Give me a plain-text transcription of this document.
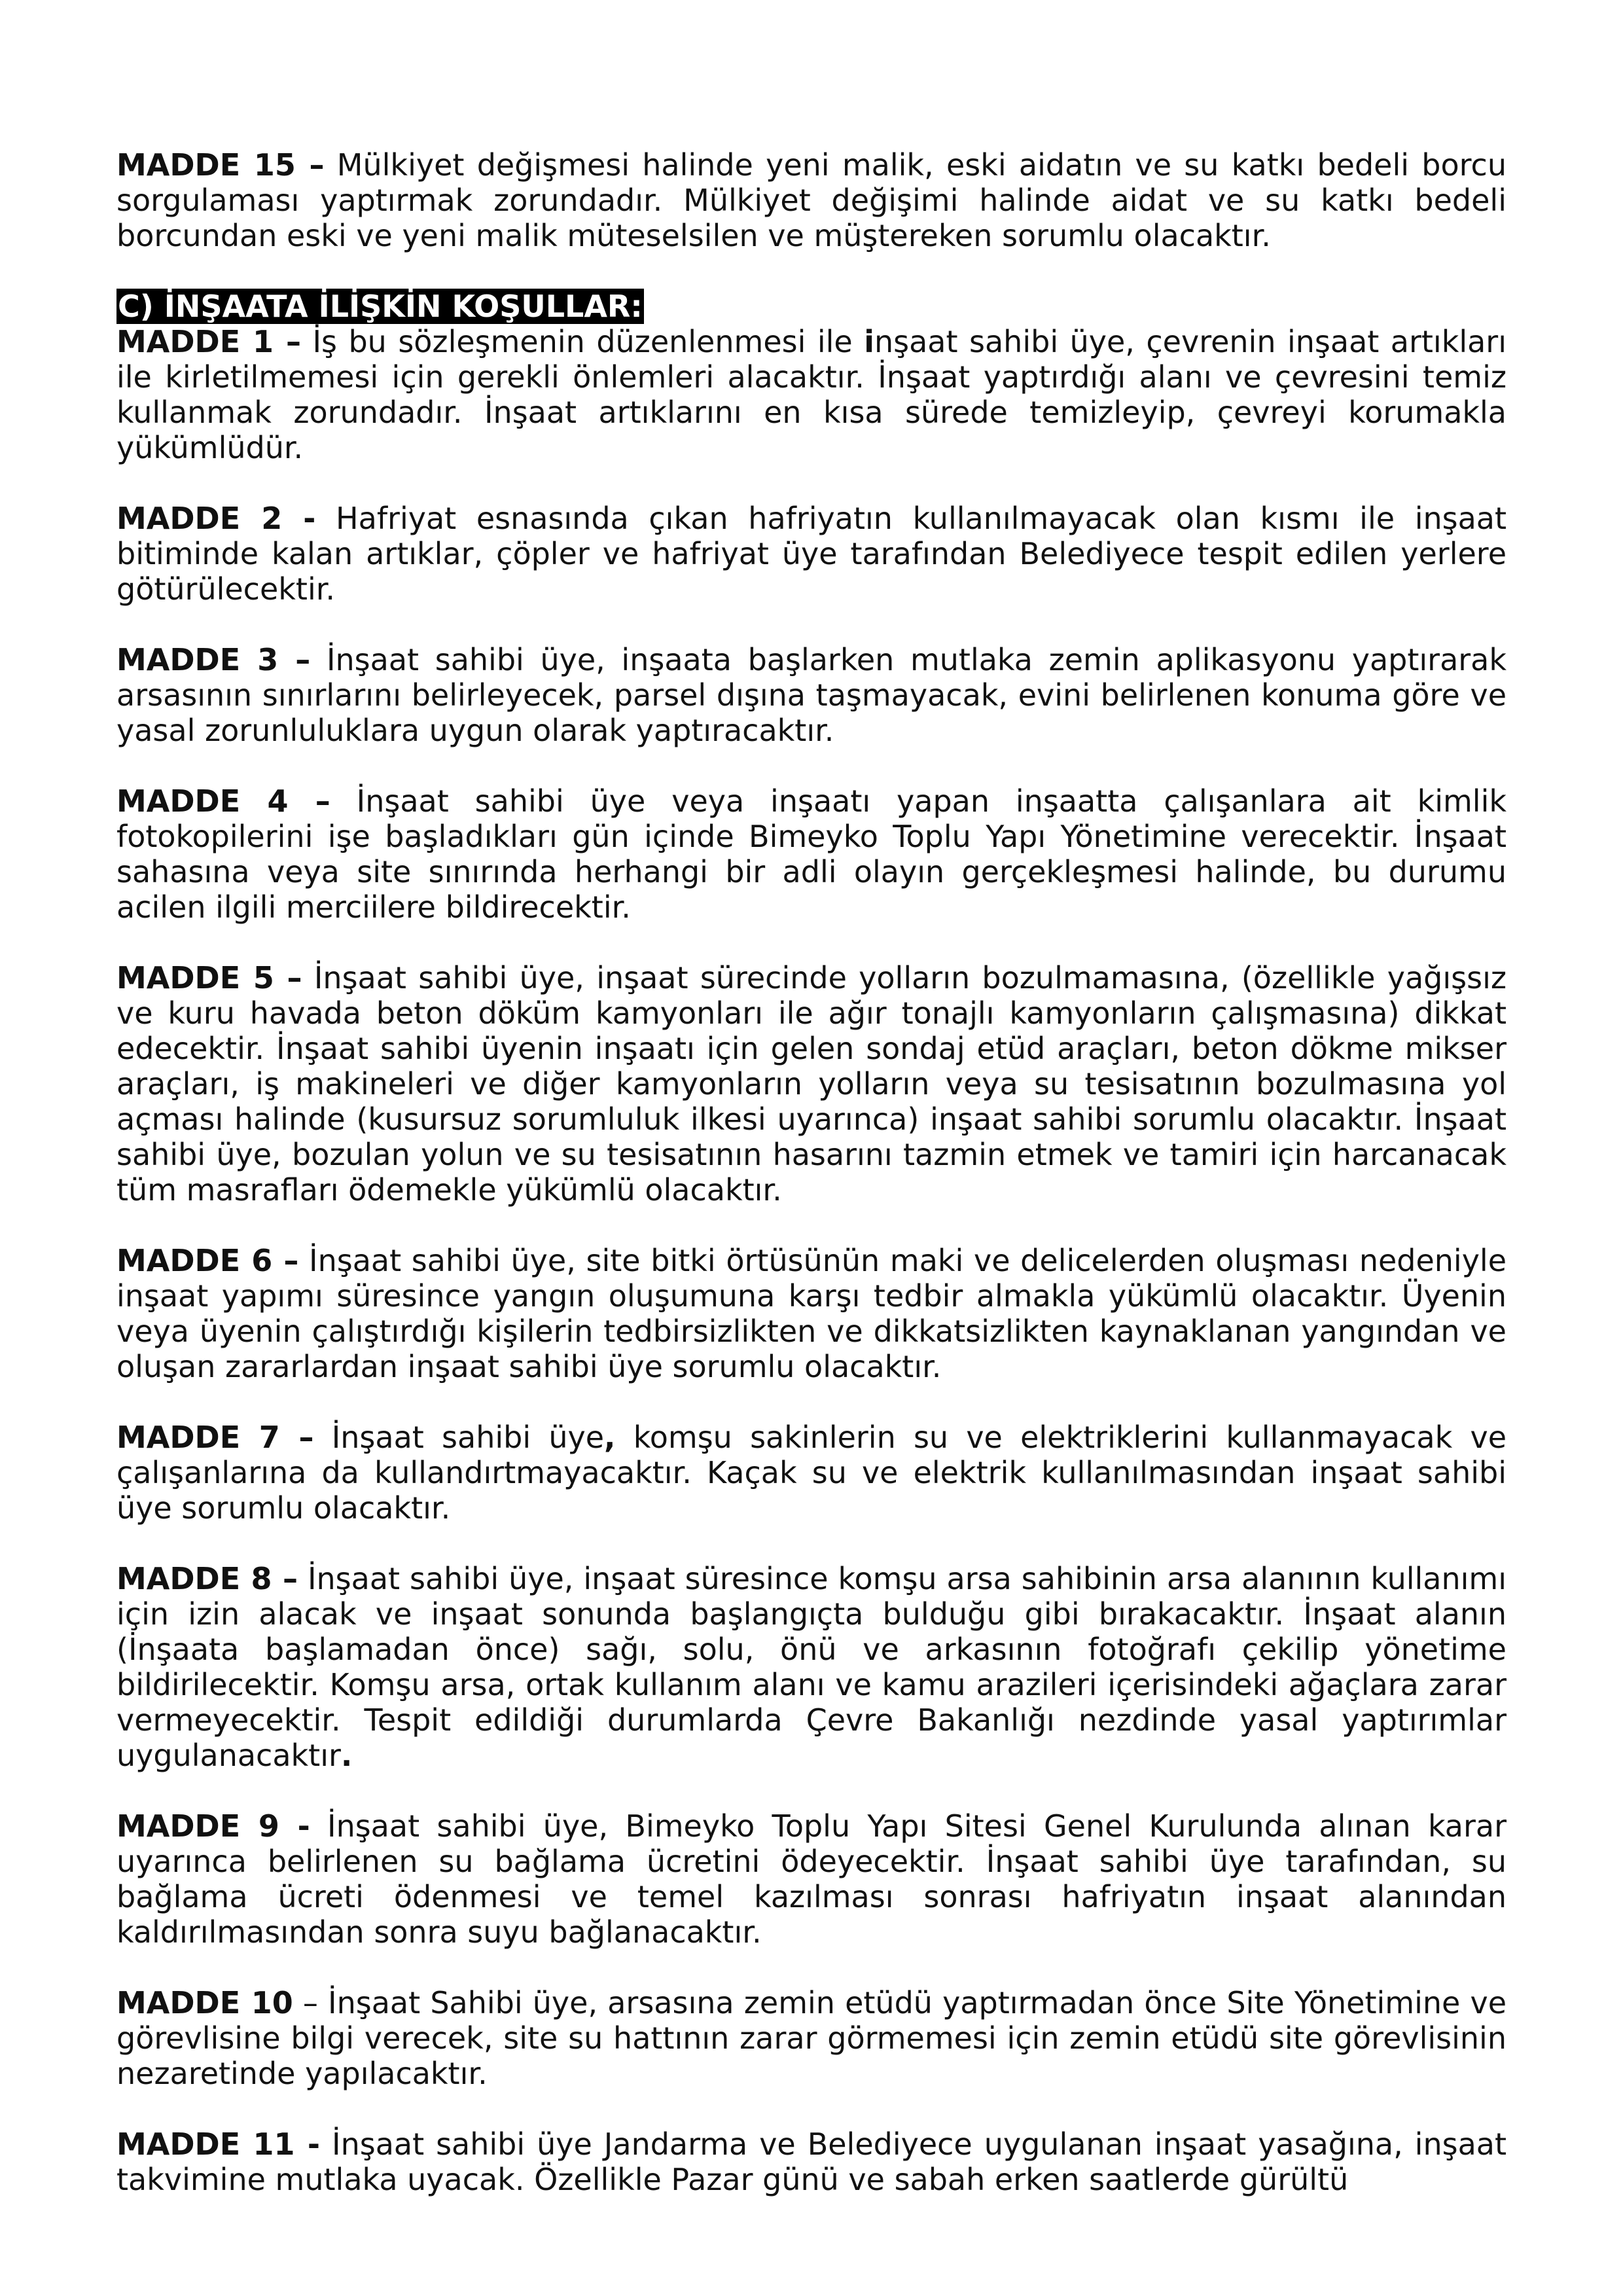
MADDE 15 – Mülkiyet değişmesi halinde yeni malik, eski aidatın ve su katkı bedeli borcu sorgulaması yaptırmak zorundadır. Mülkiyet değişimi halinde aidat ve su katkı bedeli borcundan eski ve yeni malik müteselsilen ve müştereken sorumlu olacaktır.

C) İNŞAATA İLİŞKİN KOŞULLAR:

MADDE 1 – İş bu sözleşmenin düzenlenmesi ile inşaat sahibi üye, çevrenin inşaat artıkları ile kirletilmemesi için gerekli önlemleri alacaktır. İnşaat yaptırdığı alanı ve çevresini temiz kullanmak zorundadır. İnşaat artıklarını en kısa sürede temizleyip, çevreyi korumakla yükümlüdür.

MADDE 2 - Hafriyat esnasında çıkan hafriyatın kullanılmayacak olan kısmı ile inşaat bitiminde kalan artıklar, çöpler ve hafriyat üye tarafından Belediyece tespit edilen yerlere götürülecektir.

MADDE 3 – İnşaat sahibi üye, inşaata başlarken mutlaka zemin aplikasyonu yaptırarak arsasının sınırlarını belirleyecek, parsel dışına taşmayacak, evini belirlenen konuma göre ve yasal zorunluluklara uygun olarak yaptıracaktır.

MADDE 4 – İnşaat sahibi üye veya inşaatı yapan inşaatta çalışanlara ait kimlik fotokopilerini işe başladıkları gün içinde Bimeyko Toplu Yapı Yönetimine verecektir. İnşaat sahasına veya site sınırında herhangi bir adli olayın gerçekleşmesi halinde, bu durumu acilen ilgili merciilere bildirecektir.

MADDE 5 – İnşaat sahibi üye, inşaat sürecinde yolların bozulmamasına, (özellikle yağışsız ve kuru havada beton döküm kamyonları ile ağır tonajlı kamyonların çalışmasına) dikkat edecektir. İnşaat sahibi üyenin inşaatı için gelen sondaj etüd araçları, beton dökme mikser araçları, iş makineleri ve diğer kamyonların yolların veya su tesisatının bozulmasına yol açması halinde (kusursuz sorumluluk ilkesi uyarınca) inşaat sahibi sorumlu olacaktır. İnşaat sahibi üye, bozulan yolun ve su tesisatının hasarını tazmin etmek ve tamiri için harcanacak tüm masrafları ödemekle yükümlü olacaktır.

MADDE 6 – İnşaat sahibi üye, site bitki örtüsünün maki ve delicelerden oluşması nedeniyle inşaat yapımı süresince yangın oluşumuna karşı tedbir almakla yükümlü olacaktır. Üyenin veya üyenin çalıştırdığı kişilerin tedbirsizlikten ve dikkatsizlikten kaynaklanan yangından ve oluşan zararlardan inşaat sahibi üye sorumlu olacaktır.

MADDE 7 – İnşaat sahibi üye, komşu sakinlerin su ve elektriklerini kullanmayacak ve çalışanlarına da kullandırtmayacaktır. Kaçak su ve elektrik kullanılmasından inşaat sahibi üye sorumlu olacaktır.

MADDE 8 – İnşaat sahibi üye, inşaat süresince komşu arsa sahibinin arsa alanının kullanımı için izin alacak ve inşaat sonunda başlangıçta bulduğu gibi bırakacaktır. İnşaat alanın (İnşaata başlamadan önce) sağı, solu, önü ve arkasının fotoğrafı çekilip yönetime bildirilecektir. Komşu arsa, ortak kullanım alanı ve kamu arazileri içerisindeki ağaçlara zarar vermeyecektir. Tespit edildiği durumlarda Çevre Bakanlığı nezdinde yasal yaptırımlar uygulanacaktır.

MADDE 9 - İnşaat sahibi üye, Bimeyko Toplu Yapı Sitesi Genel Kurulunda alınan karar uyarınca belirlenen su bağlama ücretini ödeyecektir. İnşaat sahibi üye tarafından, su bağlama ücreti ödenmesi ve temel kazılması sonrası hafriyatın inşaat alanından kaldırılmasından sonra suyu bağlanacaktır.

MADDE 10 – İnşaat Sahibi üye, arsasına zemin etüdü yaptırmadan önce Site Yönetimine ve görevlisine bilgi verecek, site su hattının zarar görmemesi için zemin etüdü site görevlisinin nezaretinde yapılacaktır.

MADDE 11 - İnşaat sahibi üye Jandarma ve Belediyece uygulanan inşaat yasağına, inşaat takvimine mutlaka uyacak. Özellikle Pazar günü ve sabah erken saatlerde gürültü
